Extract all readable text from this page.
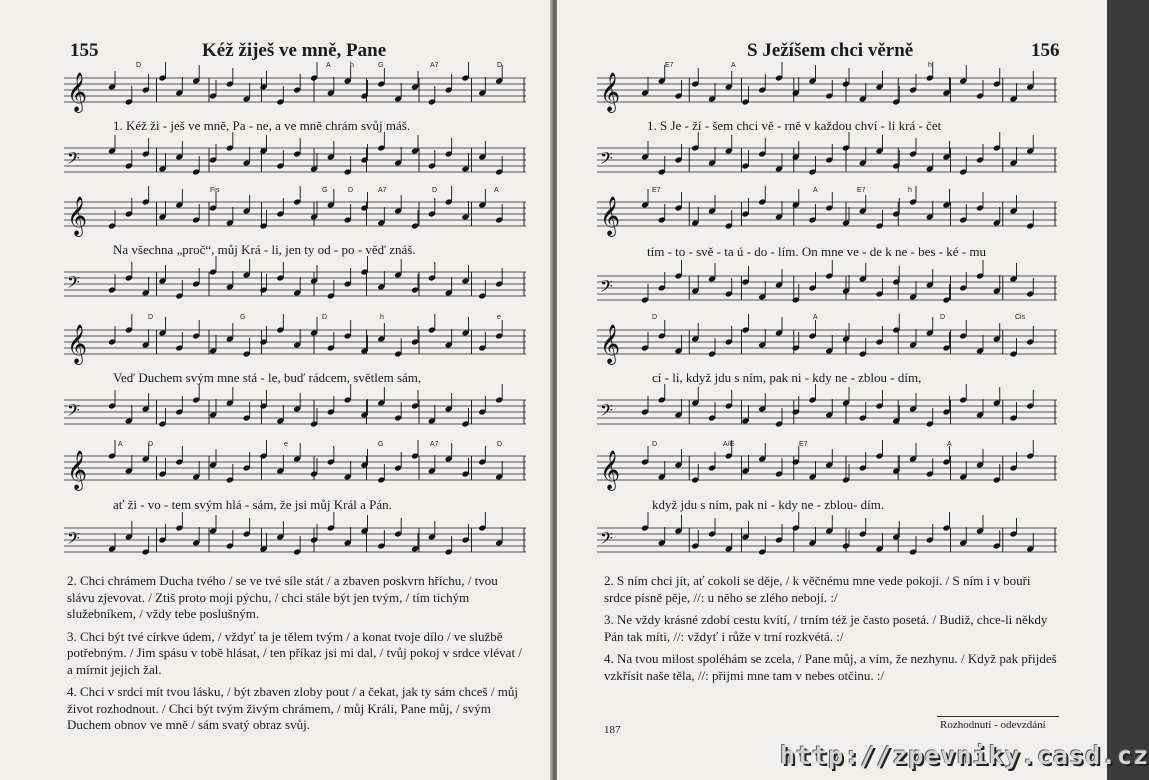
155	Kéž žiješ ve mně, Pane
D	A	h	G	A7	D
𝄞
1. Kéž ži - ješ ve mně, Pa - ne, a ve mně chrám svůj máš.
𝄢
Fis	G	D	A7	D	A
𝄞
Na všechna „proč“, můj Krá - li, jen ty od - po - věď znáš.
𝄢
D	G	D	h	e
𝄞
Veď Duchem svým mne stá - le, buď rádcem, světlem sám,
𝄢
A	D	e	G	A7	D
𝄞
ať ži - vo - tem svým hlá - sám, že jsi můj Král a Pán.
𝄢

2. Chci chrámem Ducha tvého / se ve tvé síle stát / a zbaven poskvrn hříchu, / tvou slávu zjevovat. / Ztiš proto moji pýchu, / chci stále být jen tvým, / tím tichým služebníkem, / vždy tebe poslušným.

3. Chci být tvé církve údem, / vždyť ta je tělem tvým / a konat tvoje dílo / ve službě potřebným. / Jim spásu v tobě hlásat, / ten příkaz jsi mi dal, / tvůj pokoj v srdce vlévat / a mírnit jejich žal.

4. Chci v srdci mít tvou lásku, / být zbaven zloby pout / a čekat, jak ty sám chceš / můj život rozhodnout. / Chci být tvým živým chrámem, / můj Králi, Pane můj, / svým Duchem obnov ve mně / sám svatý obraz svůj.

S Ježíšem chci věrně	156
E7	A	h
𝄞
1. S Je - ží - šem chci vě - rně v každou chví - li krá - čet
𝄢
E7	A	E7	h
𝄞
tím - to - svě - ta ú - do - lím. On mne ve - de k ne - bes - ké - mu
𝄢
D	A	D	Cis
𝄞
cí - li, když jdu s ním, pak ni - kdy ne - zblou - dím,
𝄢
D	A/E	E7	A
𝄞
když jdu s ním, pak ni - kdy ne - zblou- dím.
𝄢

2. S ním chci jít, ať cokoli se děje, / k věčnému mne vede pokoji. / S ním i v bouři srdce písně pěje, //: u něho se zlého nebojí. :/

3. Ne vždy krásné zdobí cestu kvítí, / trním též je často posetá. / Budiž, chce-li někdy Pán tak míti, //: vždyť i růže v trní rozkvétá. :/

4. Na tvou milost spoléhám se zcela, / Pane můj, a vím, že nezhynu. / Když pak přijdeš vzkřísit naše těla, //: přijmi mne tam v nebes otčinu. :/

187	Rozhodnutí - odevzdání
http://zpevniky.casd.cz
